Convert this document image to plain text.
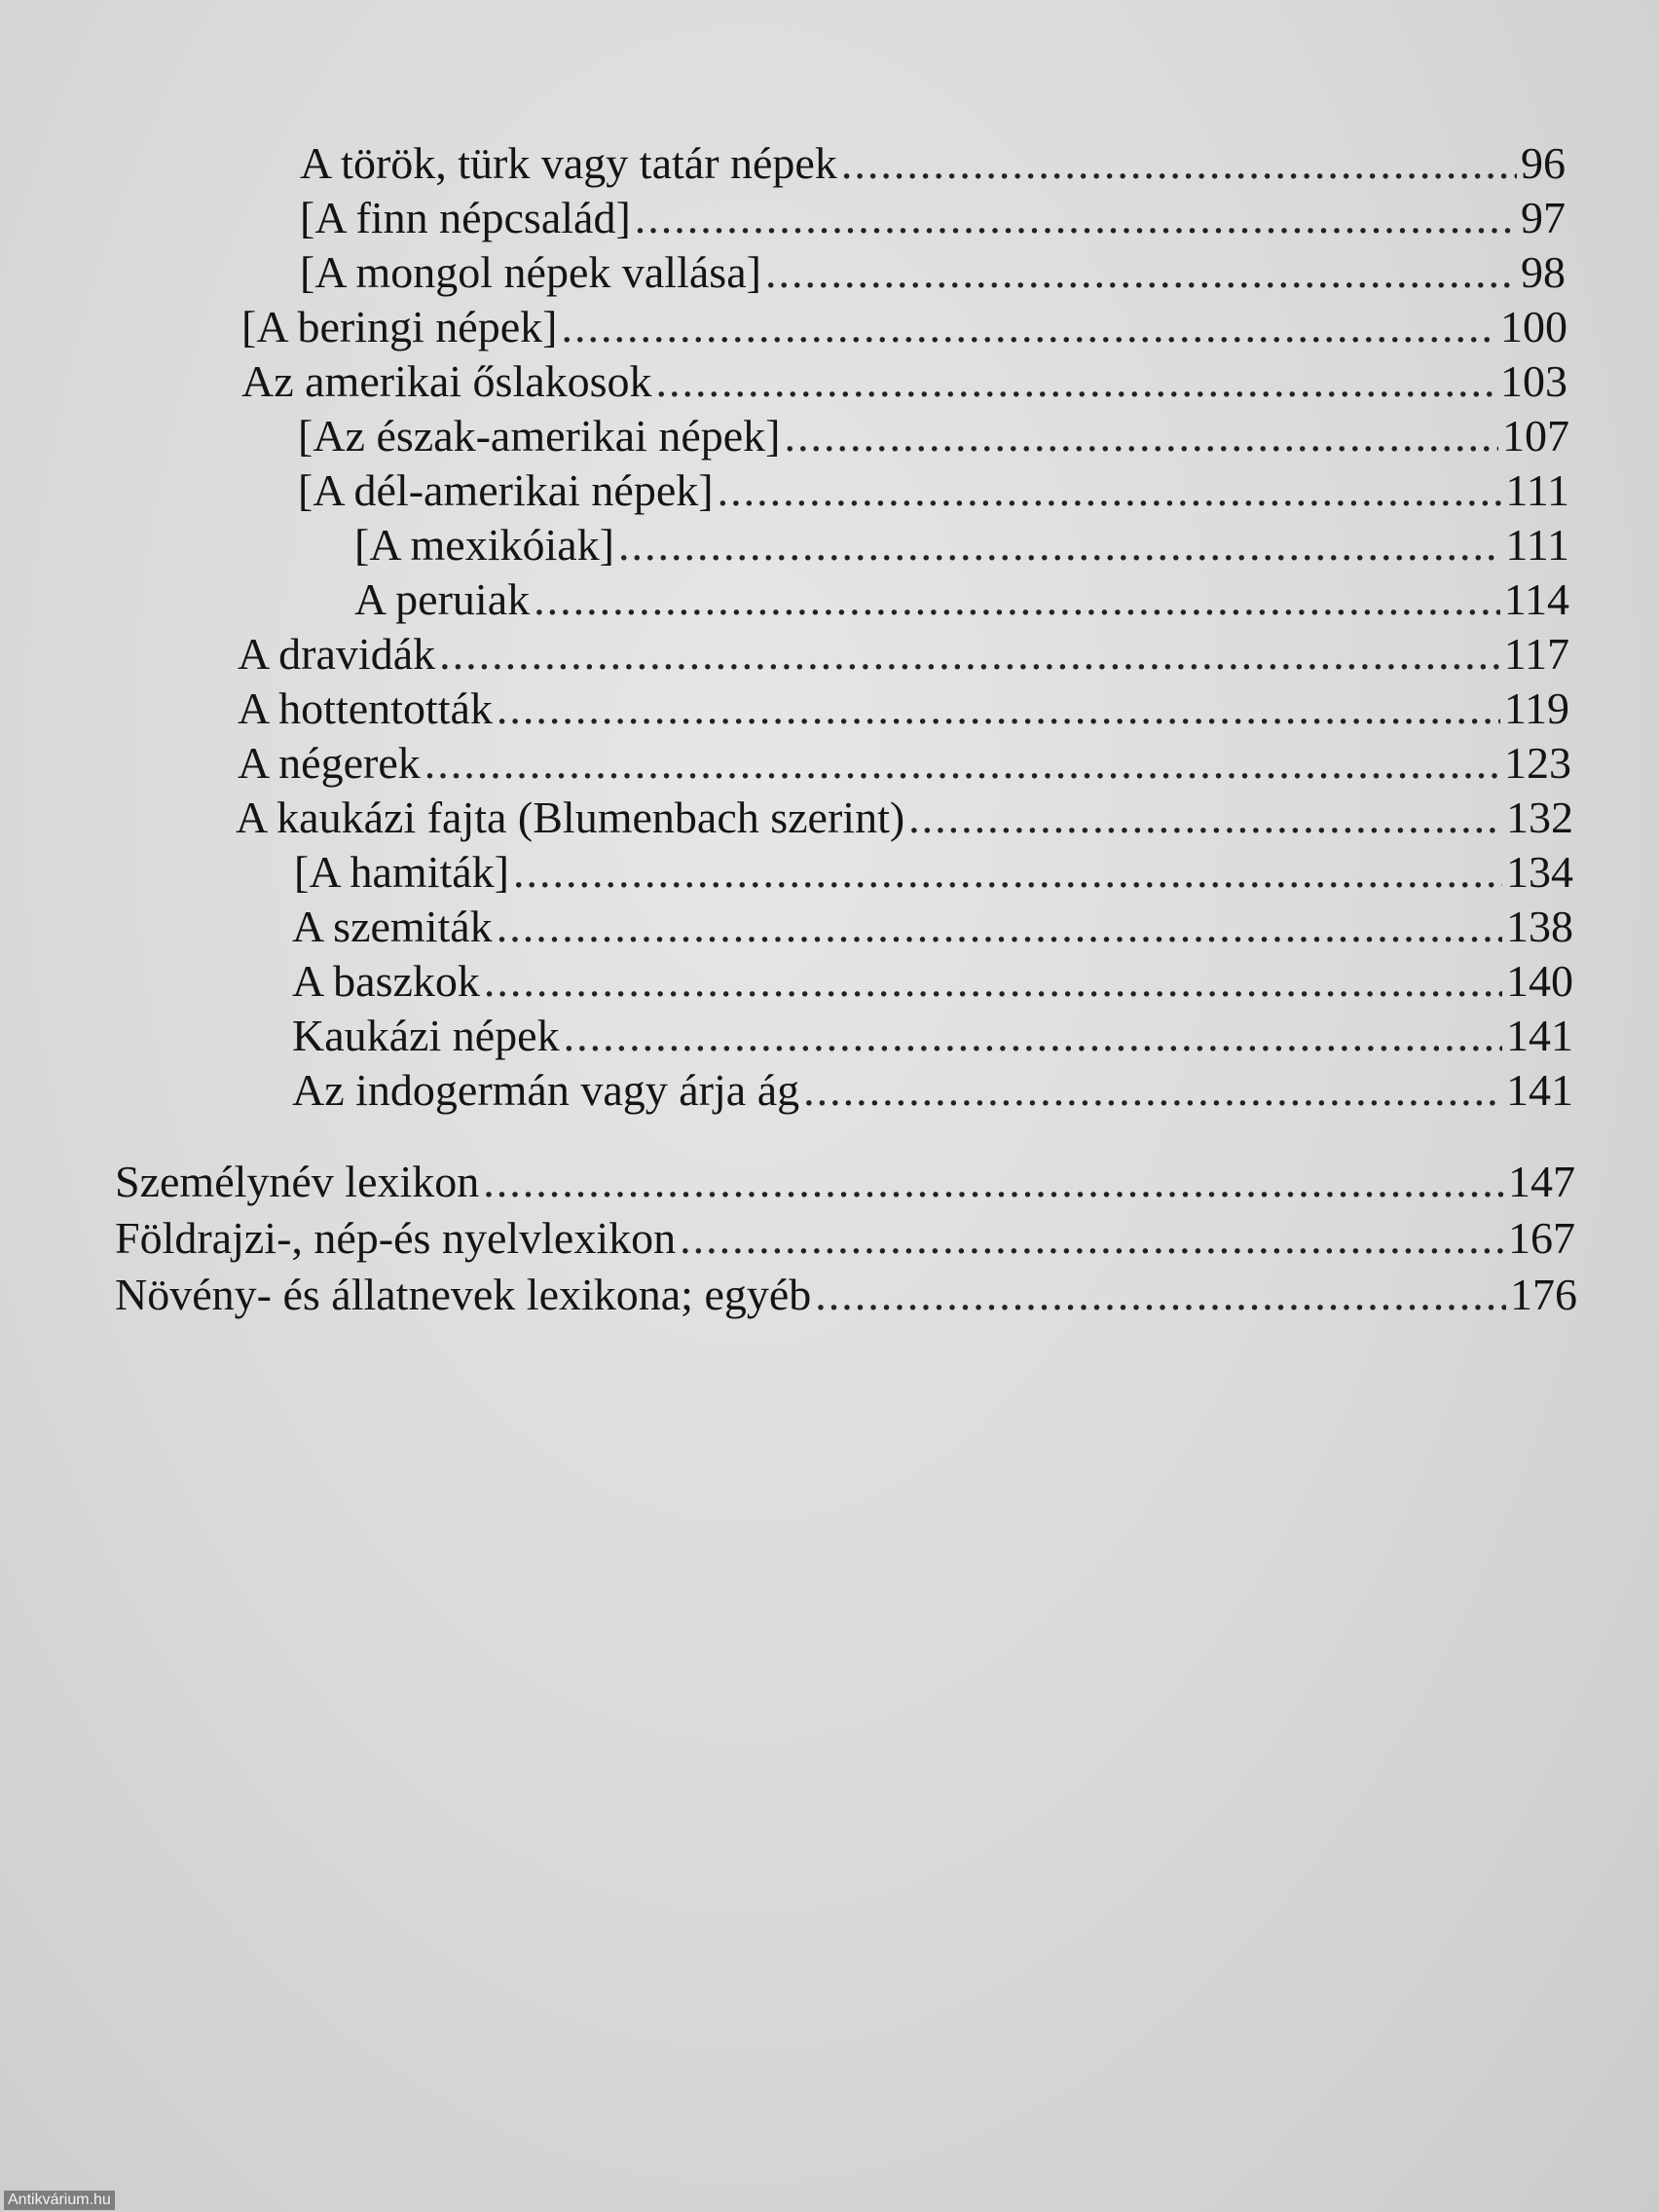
A török, türk vagy tatár népek .....	96
[A finn népcsalád] .....	97
[A mongol népek vallása] .....	98
[A beringi népek] .....	100
Az amerikai őslakosok .....	103
[Az észak-amerikai népek] .....	107
[A dél-amerikai népek] .....	111
[A mexikóiak] .....	111
A peruiak .....	114
A dravidák .....	117
A hottentották .....	119
A négerek .....	123
A kaukázi fajta (Blumenbach szerint) .....	132
[A hamiták] .....	134
A szemiták .....	138
A baszkok .....	140
Kaukázi népek .....	141
Az indogermán vagy árja ág .....	141
Személynév lexikon .....	147
Földrajzi-, nép-és nyelvlexikon .....	167
Növény- és állatnevek lexikona; egyéb .....	176
Antikvárium.hu
